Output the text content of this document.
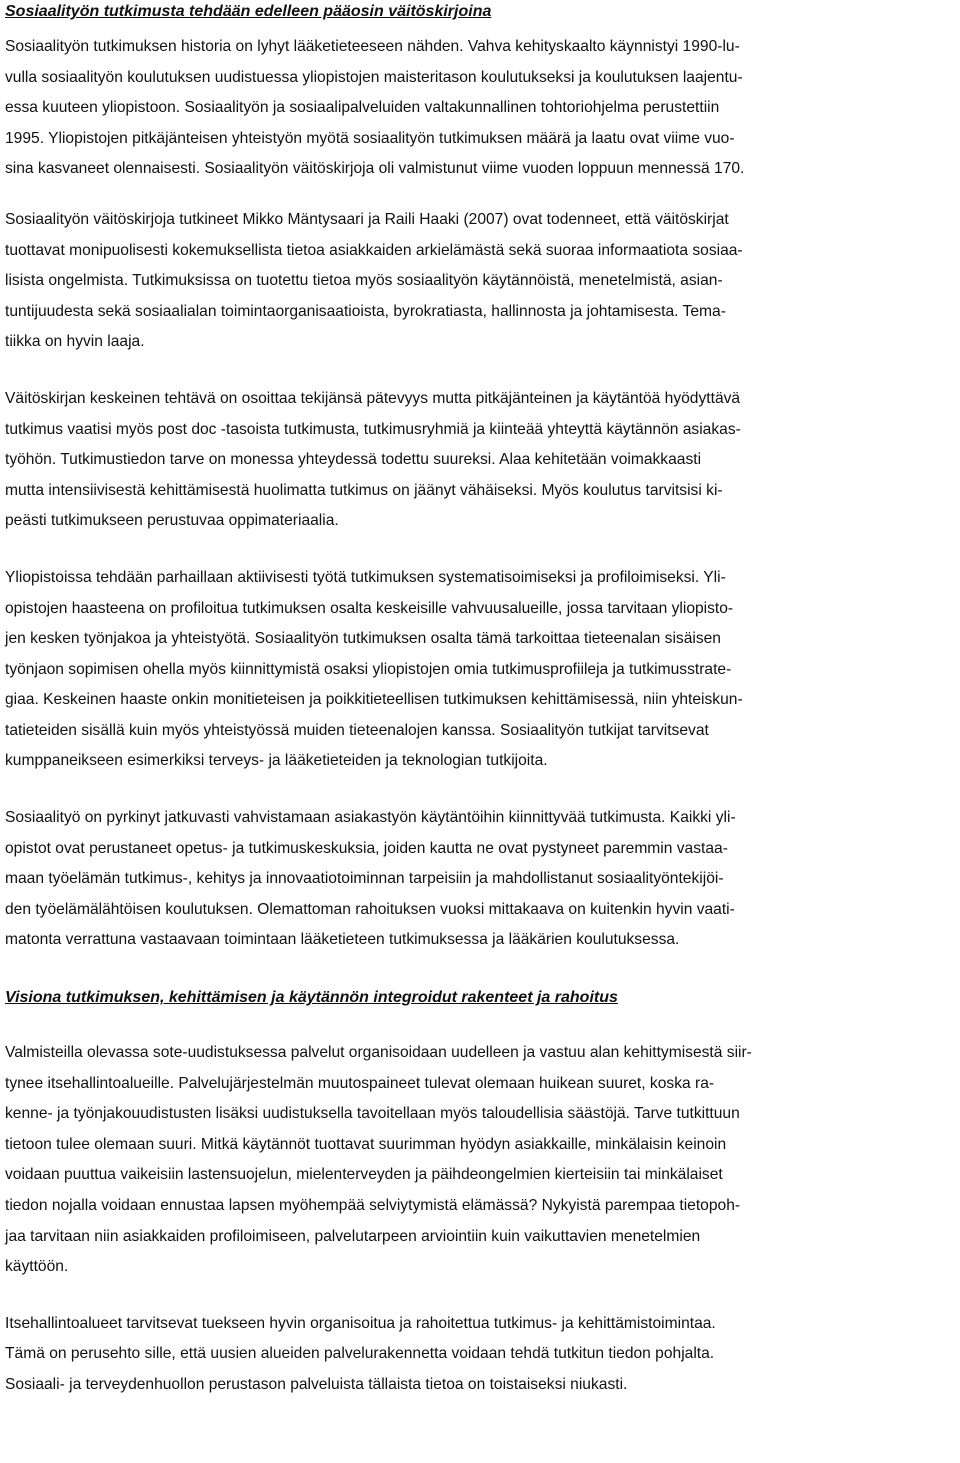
Sosiaalityön tutkimusta tehdään edelleen pääosin väitöskirjoina
Sosiaalityön tutkimuksen historia on lyhyt lääketieteeseen nähden. Vahva kehityskaalto käynnistyi 1990-lu-
vulla sosiaalityön koulutuksen uudistuessa yliopistojen maisteritason koulutukseksi ja koulutuksen laajentu-
essa kuuteen yliopistoon. Sosiaalityön ja sosiaalipalveluiden valtakunnallinen tohtoriohjelma perustettiin
1995. Yliopistojen pitkäjänteisen yhteistyön myötä sosiaalityön tutkimuksen määrä ja laatu ovat viime vuo-
sina kasvaneet olennaisesti. Sosiaalityön väitöskirjoja oli valmistunut viime vuoden loppuun mennessä 170.
Sosiaalityön väitöskirjoja tutkineet Mikko Mäntysaari ja Raili Haaki (2007) ovat todenneet, että väitöskirjat
tuottavat monipuolisesti kokemuksellista tietoa asiakkaiden arkielämästä sekä suoraa informaatiota sosiaa-
lisista ongelmista. Tutkimuksissa on tuotettu tietoa myös sosiaalityön käytännöistä, menetelmistä, asian-
tuntijuudesta sekä sosiaalialan toimintaorganisaatioista, byrokratiasta, hallinnosta ja johtamisesta. Tema-
tiikka on hyvin laaja.
Väitöskirjan keskeinen tehtävä on osoittaa tekijänsä pätevyys mutta pitkäjänteinen ja käytäntöä hyödyttävä
tutkimus vaatisi myös post doc -tasoista tutkimusta, tutkimusryhmiä ja kiinteää yhteyttä käytännön asiakas-
työhön. Tutkimustiedon tarve on monessa yhteydessä todettu suureksi. Alaa kehitetään voimakkaasti
mutta intensiivisestä kehittämisestä huolimatta tutkimus on jäänyt vähäiseksi. Myös koulutus tarvitsisi ki-
peästi tutkimukseen perustuvaa oppimateriaalia.
Yliopistoissa tehdään parhaillaan aktiivisesti työtä tutkimuksen systematisoimiseksi ja profiloimiseksi. Yli-
opistojen haasteena on profiloitua tutkimuksen osalta keskeisille vahvuusalueille, jossa tarvitaan yliopisto-
jen kesken työnjakoa ja yhteistyötä. Sosiaalityön tutkimuksen osalta tämä tarkoittaa tieteenalan sisäisen
työnjaon sopimisen ohella myös kiinnittymistä osaksi yliopistojen omia tutkimusprofiileja ja tutkimusstrate-
giaa. Keskeinen haaste onkin monitieteisen ja poikkitieteellisen tutkimuksen kehittämisessä, niin yhteiskun-
tatieteiden sisällä kuin myös yhteistyössä muiden tieteenalojen kanssa. Sosiaalityön tutkijat tarvitsevat
kumppaneikseen esimerkiksi terveys- ja lääketieteiden ja teknologian tutkijoita.
Sosiaalityö on pyrkinyt jatkuvasti vahvistamaan asiakastyön käytäntöihin kiinnittyvää tutkimusta. Kaikki yli-
opistot ovat perustaneet opetus- ja tutkimuskeskuksia, joiden kautta ne ovat pystyneet paremmin vastaa-
maan työelämän tutkimus-, kehitys ja innovaatiotoiminnan tarpeisiin ja mahdollistanut sosiaalityöntekijöi-
den työelämälähtöisen koulutuksen. Olemattoman rahoituksen vuoksi mittakaava on kuitenkin hyvin vaati-
matonta verrattuna vastaavaan toimintaan lääketieteen tutkimuksessa ja lääkärien koulutuksessa.
Visiona tutkimuksen, kehittämisen ja käytännön integroidut rakenteet ja rahoitus
Valmisteilla olevassa sote-uudistuksessa palvelut organisoidaan uudelleen ja vastuu alan kehittymisestä siir-
tynee itsehallintoalueille. Palvelujärjestelmän muutospaineet tulevat olemaan huikean suuret, koska ra-
kenne- ja työnjakouudistusten lisäksi uudistuksella tavoitellaan myös taloudellisia säästöjä. Tarve tutkittuun
tietoon tulee olemaan suuri. Mitkä käytännöt tuottavat suurimman hyödyn asiakkaille, minkälaisin keinoin
voidaan puuttua vaikeisiin lastensuojelun, mielenterveyden ja päihdeongelmien kierteisiin tai minkälaiset
tiedon nojalla voidaan ennustaa lapsen myöhempää selviytymistä elämässä? Nykyistä parempaa tietopoh-
jaa tarvitaan niin asiakkaiden profiloimiseen, palvelutarpeen arviointiin kuin vaikuttavien menetelmien
käyttöön.
Itsehallintoalueet tarvitsevat tuekseen hyvin organisoitua ja rahoitettua tutkimus- ja kehittämistoimintaa.
Tämä on perusehto sille, että uusien alueiden palvelurakennetta voidaan tehdä tutkitun tiedon pohjalta.
Sosiaali- ja terveydenhuollon perustason palveluista tällaista tietoa on toistaiseksi niukasti.
